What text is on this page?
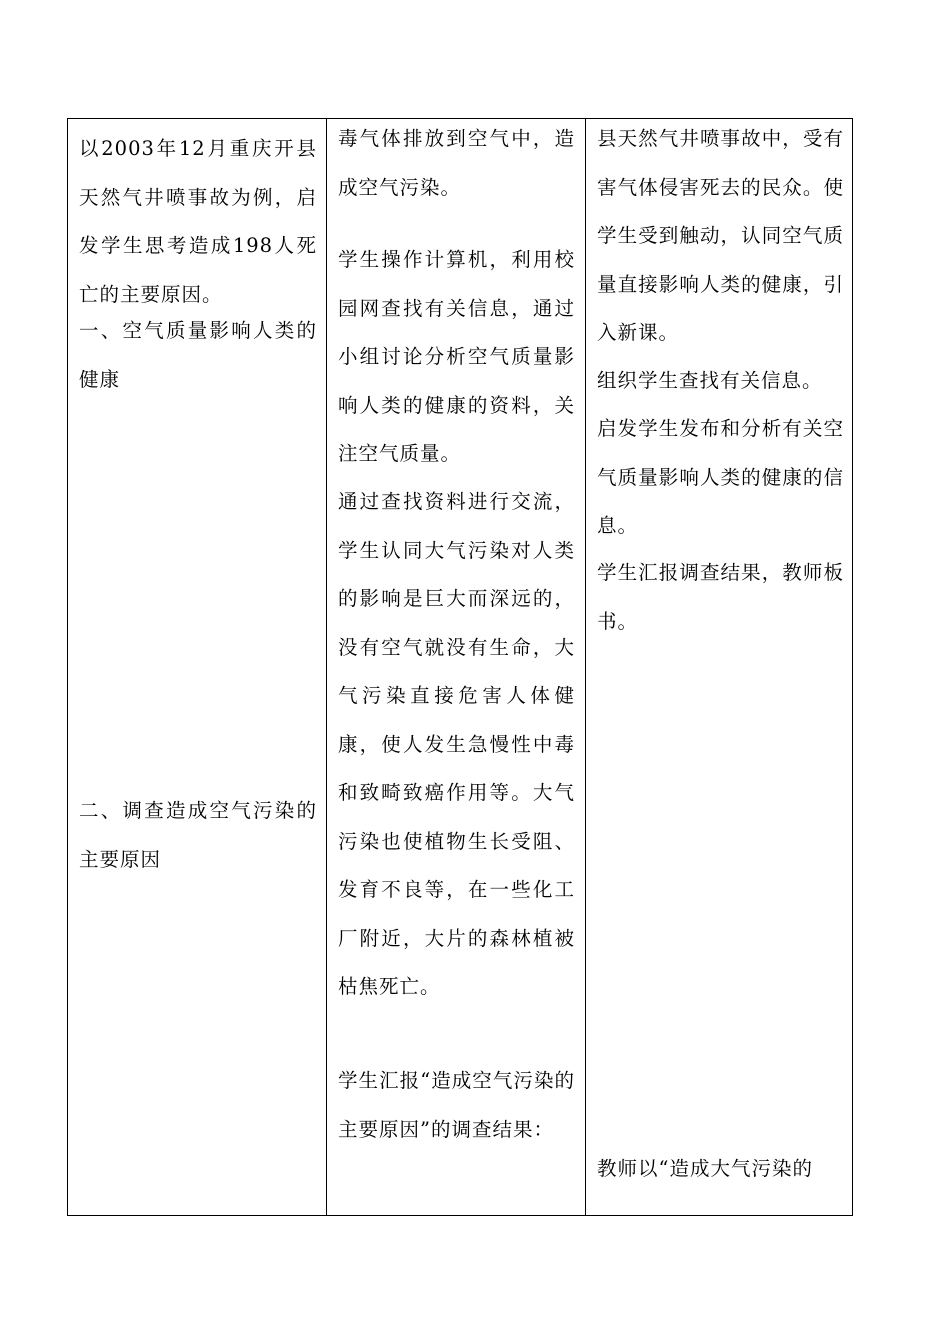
以2003年12月重庆开县天然气井喷事故为例，启发学生思考造成198人死亡的主要原因。
一、空气质量影响人类的健康
二、调查造成空气污染的主要原因
毒气体排放到空气中，造成空气污染。
学生操作计算机，利用校园网查找有关信息，通过小组讨论分析空气质量影响人类的健康的资料，关注空气质量。
通过查找资料进行交流，学生认同大气污染对人类的影响是巨大而深远的，没有空气就没有生命，大气污染直接危害人体健康，使人发生急慢性中毒和致畸致癌作用等。大气污染也使植物生长受阻、发育不良等，在一些化工厂附近，大片的森林植被枯焦死亡。
学生汇报“造成空气污染的主要原因”的调查结果：
县天然气井喷事故中，受有害气体侵害死去的民众。使学生受到触动，认同空气质量直接影响人类的健康，引入新课。
组织学生查找有关信息。
启发学生发布和分析有关空气质量影响人类的健康的信息。
学生汇报调查结果，教师板书。
教师以“造成大气污染的
